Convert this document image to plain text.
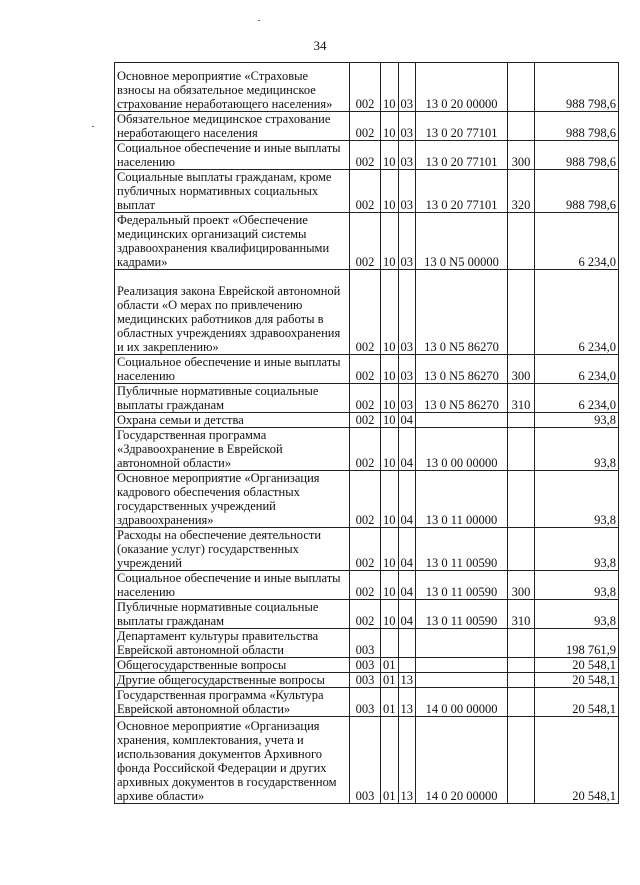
34
Основное мероприятие «Страховые взносы на обязательное медицинское страхование неработающего населения»	002	10	03	13 0 20 00000		988 798,6
Обязательное медицинское страхование неработающего населения	002	10	03	13 0 20 77101		988 798,6
Социальное обеспечение и иные выплаты населению	002	10	03	13 0 20 77101	300	988 798,6
Социальные выплаты гражданам, кроме публичных нормативных социальных выплат	002	10	03	13 0 20 77101	320	988 798,6
Федеральный проект «Обеспечение медицинских организаций системы здравоохранения квалифицированными кадрами»	002	10	03	13 0 N5 00000		6 234,0
Реализация закона Еврейской автономной области «О мерах по привлечению медицинских работников для работы в областных учреждениях здравоохранения и их закреплению»	002	10	03	13 0 N5 86270		6 234,0
Социальное обеспечение и иные выплаты населению	002	10	03	13 0 N5 86270	300	6 234,0
Публичные нормативные социальные выплаты гражданам	002	10	03	13 0 N5 86270	310	6 234,0
Охрана семьи и детства	002	10	04			93,8
Государственная программа «Здравоохранение в Еврейской автономной области»	002	10	04	13 0 00 00000		93,8
Основное мероприятие «Организация кадрового обеспечения областных государственных учреждений здравоохранения»	002	10	04	13 0 11 00000		93,8
Расходы на обеспечение деятельности (оказание услуг) государственных учреждений	002	10	04	13 0 11 00590		93,8
Социальное обеспечение и иные выплаты населению	002	10	04	13 0 11 00590	300	93,8
Публичные нормативные социальные выплаты гражданам	002	10	04	13 0 11 00590	310	93,8
Департамент культуры правительства Еврейской автономной области	003					198 761,9
Общегосударственные вопросы	003	01				20 548,1
Другие общегосударственные вопросы	003	01	13			20 548,1
Государственная программа «Культура Еврейской автономной области»	003	01	13	14 0 00 00000		20 548,1
Основное мероприятие «Организация хранения, комплектования, учета и использования документов Архивного фонда Российской Федерации и других архивных документов в государственном архиве области»	003	01	13	14 0 20 00000		20 548,1
